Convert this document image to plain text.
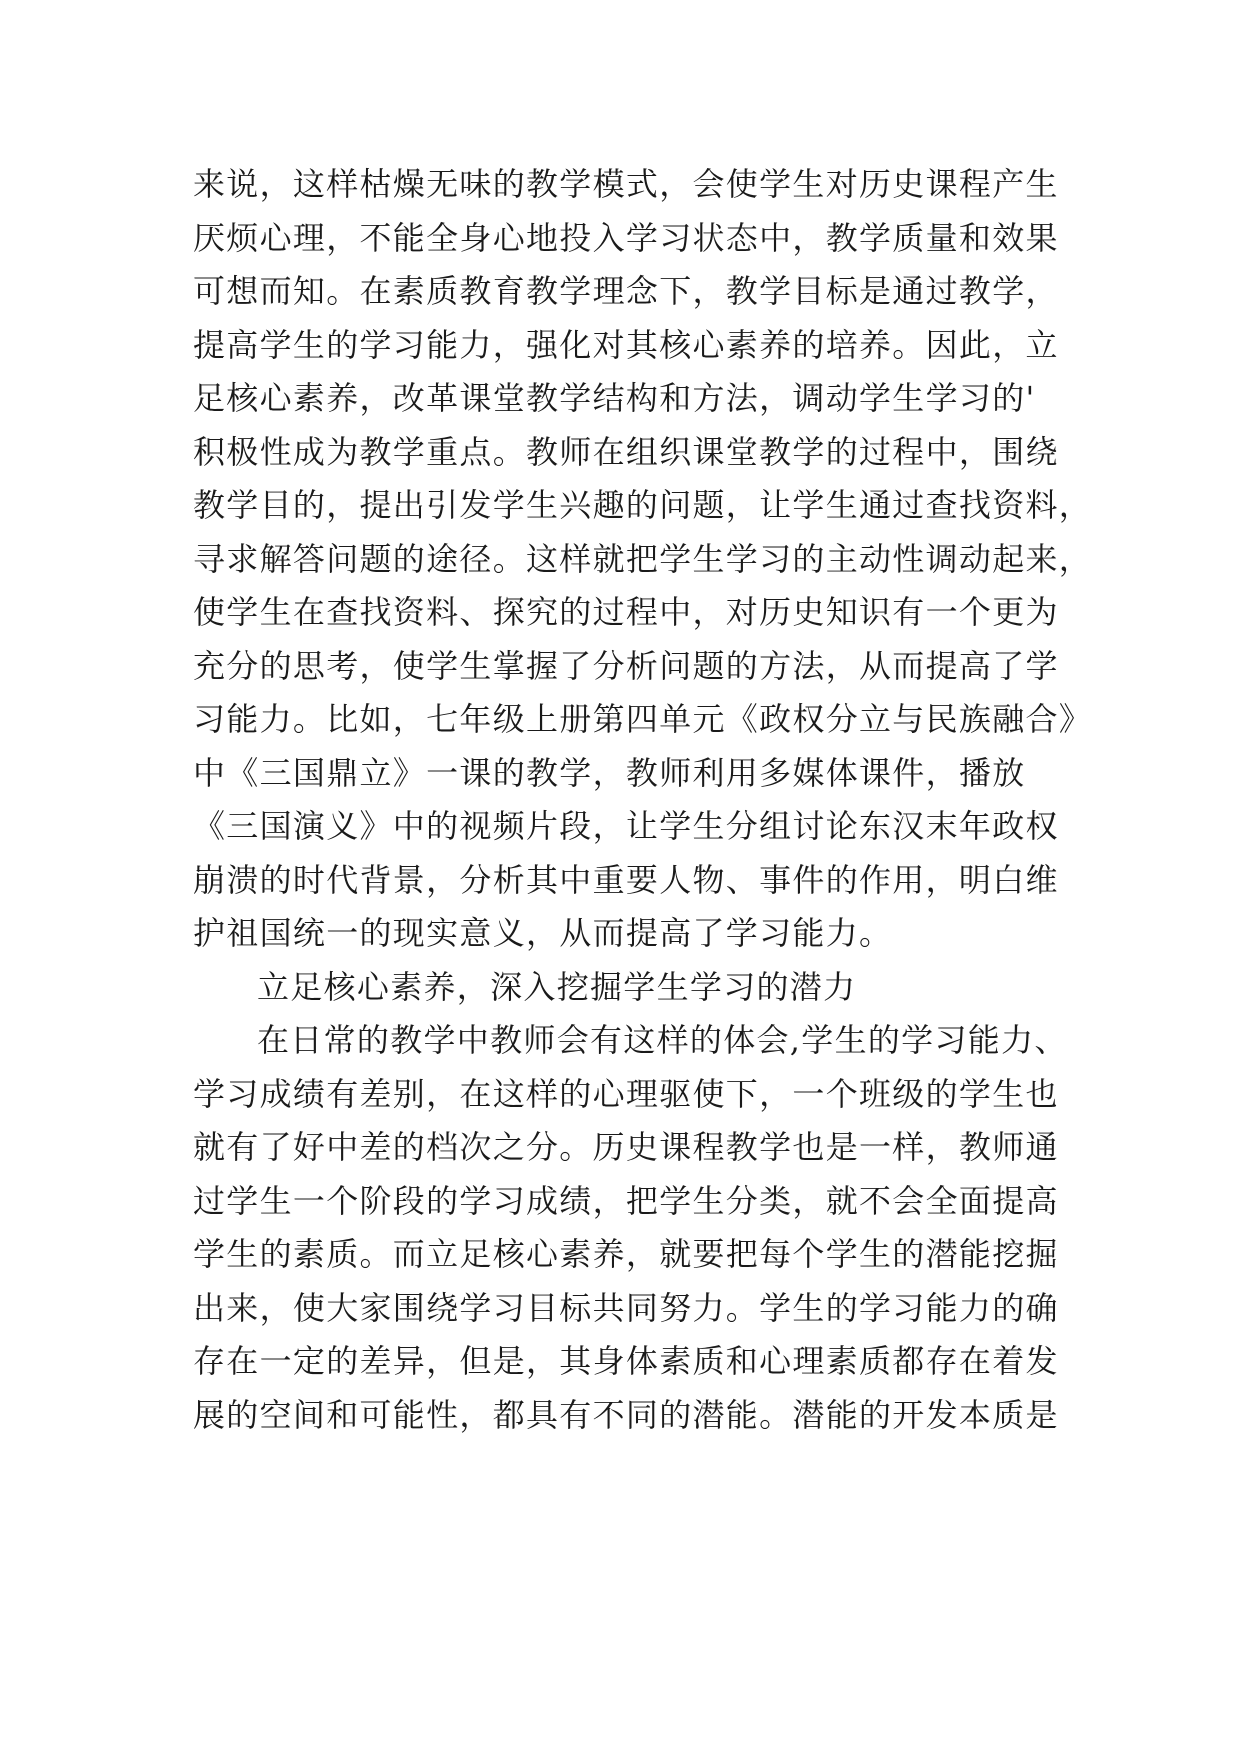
来说，这样枯燥无味的教学模式，会使学生对历史课程产生
厌烦心理，不能全身心地投入学习状态中，教学质量和效果
可想而知。在素质教育教学理念下，教学目标是通过教学，
提高学生的学习能力，强化对其核心素养的培养。因此，立
足核心素养，改革课堂教学结构和方法，调动学生学习的'
积极性成为教学重点。教师在组织课堂教学的过程中，围绕
教学目的，提出引发学生兴趣的问题，让学生通过查找资料，
寻求解答问题的途径。这样就把学生学习的主动性调动起来，
使学生在查找资料、探究的过程中，对历史知识有一个更为
充分的思考，使学生掌握了分析问题的方法，从而提高了学
习能力。比如，七年级上册第四单元《政权分立与民族融合》
中《三国鼎立》一课的教学，教师利用多媒体课件，播放
《三国演义》中的视频片段，让学生分组讨论东汉末年政权
崩溃的时代背景，分析其中重要人物、事件的作用，明白维
护祖国统一的现实意义，从而提高了学习能力。
立足核心素养，深入挖掘学生学习的潜力
在日常的教学中教师会有这样的体会,学生的学习能力、
学习成绩有差别，在这样的心理驱使下，一个班级的学生也
就有了好中差的档次之分。历史课程教学也是一样，教师通
过学生一个阶段的学习成绩，把学生分类，就不会全面提高
学生的素质。而立足核心素养，就要把每个学生的潜能挖掘
出来，使大家围绕学习目标共同努力。学生的学习能力的确
存在一定的差异，但是，其身体素质和心理素质都存在着发
展的空间和可能性，都具有不同的潜能。潜能的开发本质是
